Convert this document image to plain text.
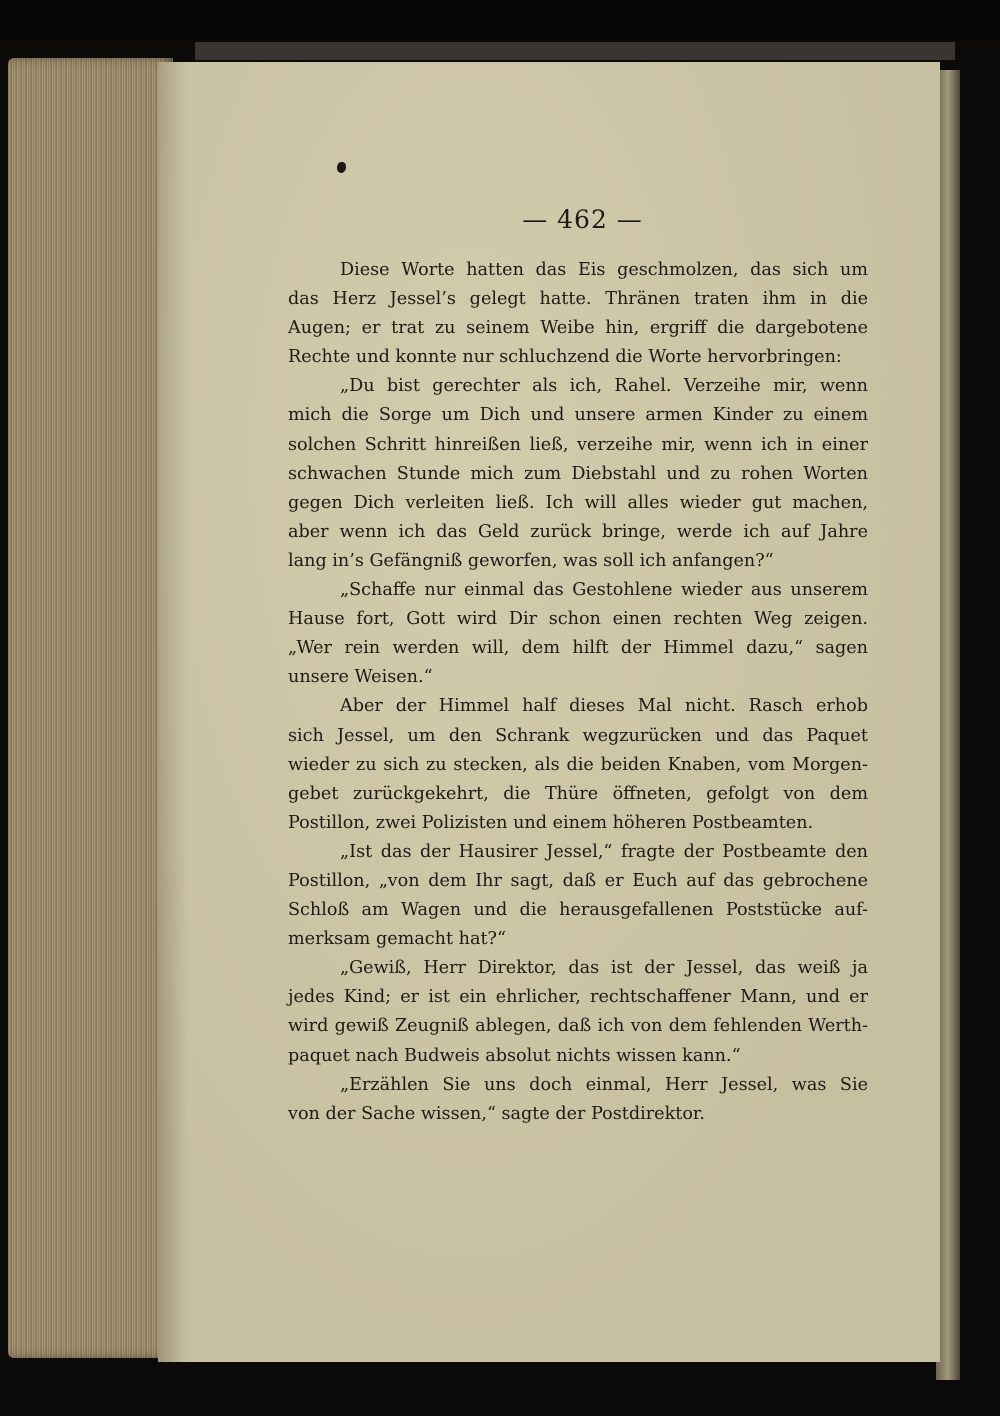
— 462 —
Diese Worte hatten das Eis geschmolzen, das sich um
das Herz Jessel’s gelegt hatte. Thränen traten ihm in die
Augen; er trat zu seinem Weibe hin, ergriff die dargebotene
Rechte und konnte nur schluchzend die Worte hervorbringen:
„Du bist gerechter als ich, Rahel. Verzeihe mir, wenn
mich die Sorge um Dich und unsere armen Kinder zu einem
solchen Schritt hinreißen ließ, verzeihe mir, wenn ich in einer
schwachen Stunde mich zum Diebstahl und zu rohen Worten
gegen Dich verleiten ließ. Ich will alles wieder gut machen,
aber wenn ich das Geld zurück bringe, werde ich auf Jahre
lang in’s Gefängniß geworfen, was soll ich anfangen?“
„Schaffe nur einmal das Gestohlene wieder aus unserem
Hause fort, Gott wird Dir schon einen rechten Weg zeigen.
„Wer rein werden will, dem hilft der Himmel dazu,“ sagen
unsere Weisen.“
Aber der Himmel half dieses Mal nicht. Rasch erhob
sich Jessel, um den Schrank wegzurücken und das Paquet
wieder zu sich zu stecken, als die beiden Knaben, vom Morgen-
gebet zurückgekehrt, die Thüre öffneten, gefolgt von dem
Postillon, zwei Polizisten und einem höheren Postbeamten.
„Ist das der Hausirer Jessel,“ fragte der Postbeamte den
Postillon, „von dem Ihr sagt, daß er Euch auf das gebrochene
Schloß am Wagen und die herausgefallenen Poststücke auf-
merksam gemacht hat?“
„Gewiß, Herr Direktor, das ist der Jessel, das weiß ja
jedes Kind; er ist ein ehrlicher, rechtschaffener Mann, und er
wird gewiß Zeugniß ablegen, daß ich von dem fehlenden Werth-
paquet nach Budweis absolut nichts wissen kann.“
„Erzählen Sie uns doch einmal, Herr Jessel, was Sie
von der Sache wissen,“ sagte der Postdirektor.
